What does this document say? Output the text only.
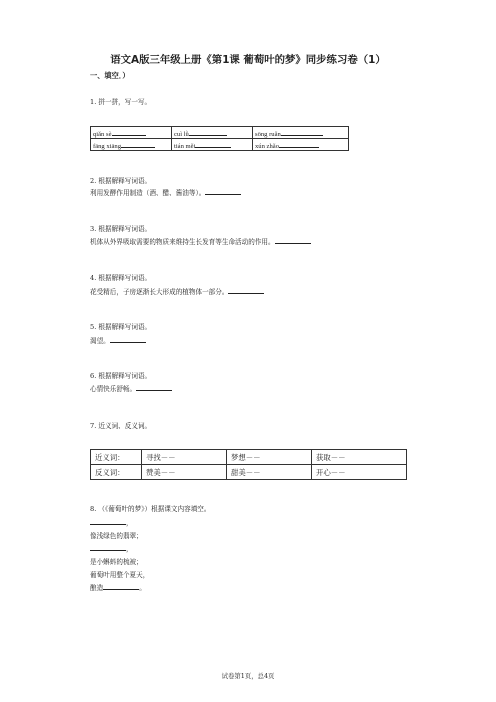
语文A版三年级上册《第1课 葡萄叶的梦》同步练习卷（1）
一、填空．）
1. 拼一拼，写一写。
qiǎn sè	cuì lǜ	sōng ruǎn
fāng xiāng	tián měi	xún zhǎo
2. 根据解释写词语。
利用发酵作用制造（酒、醋、酱油等）。
3. 根据解释写词语。
机体从外界吸取需要的物质来维持生长发育等生命活动的作用。
4. 根据解释写词语。
花受精后，子房逐渐长大形成的植物体一部分。
5. 根据解释写词语。
渴望。
6. 根据解释写词语。
心情快乐舒畅。
7. 近义词、反义词。
近义词：	寻找－－	梦想－－	获取－－
反义词：	赞美－－	甜美－－	开心－－
8. （《葡萄叶的梦》）根据课文内容填空。
，
像浅绿色的翡翠；
，
是小蝌蚪的梳被；
葡萄叶用整个夏天，
酿造	。
试卷第1页，总4页
